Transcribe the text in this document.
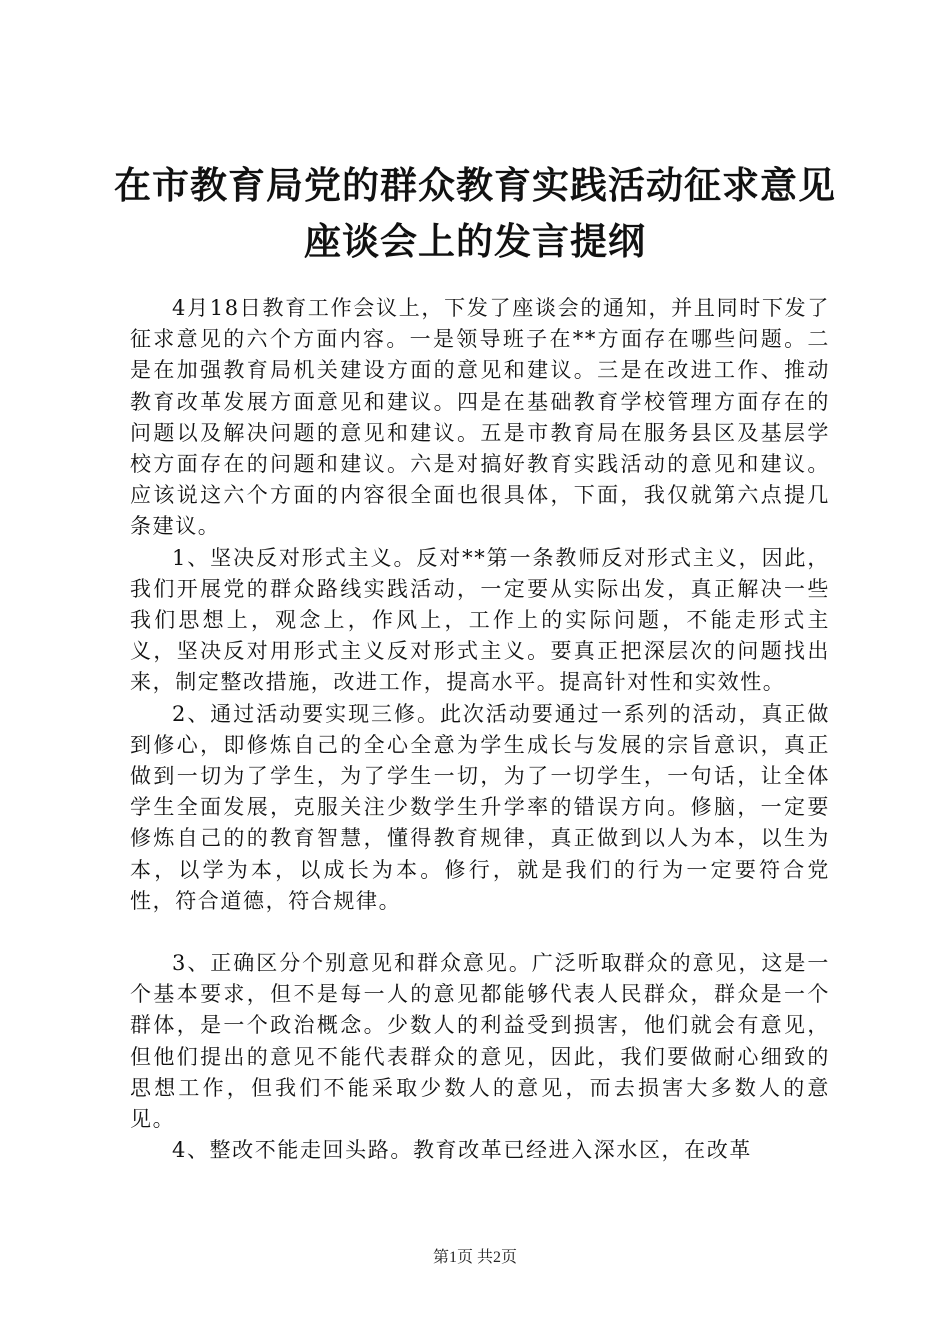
在市教育局党的群众教育实践活动征求意见座谈会上的发言提纲

4月18日教育工作会议上，下发了座谈会的通知，并且同时下发了征求意见的六个方面内容。一是领导班子在**方面存在哪些问题。二是在加强教育局机关建设方面的意见和建议。三是在改进工作、推动教育改革发展方面意见和建议。四是在基础教育学校管理方面存在的问题以及解决问题的意见和建议。五是市教育局在服务县区及基层学校方面存在的问题和建议。六是对搞好教育实践活动的意见和建议。应该说这六个方面的内容很全面也很具体，下面，我仅就第六点提几条建议。

1、坚决反对形式主义。反对**第一条教师反对形式主义，因此，我们开展党的群众路线实践活动，一定要从实际出发，真正解决一些我们思想上，观念上，作风上，工作上的实际问题，不能走形式主义，坚决反对用形式主义反对形式主义。要真正把深层次的问题找出来，制定整改措施，改进工作，提高水平。提高针对性和实效性。

2、通过活动要实现三修。此次活动要通过一系列的活动，真正做到修心，即修炼自己的全心全意为学生成长与发展的宗旨意识，真正做到一切为了学生，为了学生一切，为了一切学生，一句话，让全体学生全面发展，克服关注少数学生升学率的错误方向。修脑，一定要修炼自己的的教育智慧，懂得教育规律，真正做到以人为本，以生为本，以学为本，以成长为本。修行，就是我们的行为一定要符合党性，符合道德，符合规律。

3、正确区分个别意见和群众意见。广泛听取群众的意见，这是一个基本要求，但不是每一人的意见都能够代表人民群众，群众是一个群体，是一个政治概念。少数人的利益受到损害，他们就会有意见，但他们提出的意见不能代表群众的意见，因此，我们要做耐心细致的思想工作，但我们不能采取少数人的意见，而去损害大多数人的意见。

4、整改不能走回头路。教育改革已经进入深水区，在改革

第1页 共2页
